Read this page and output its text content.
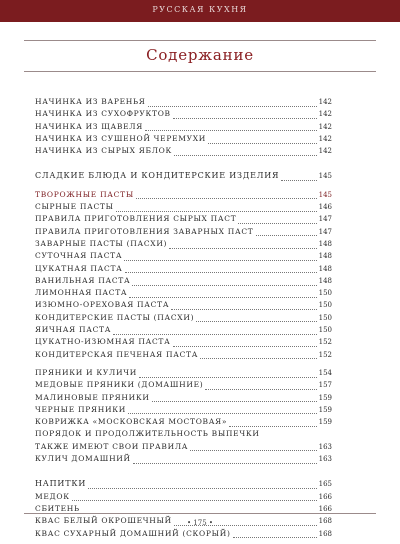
РУССКАЯ КУХНЯ
Содержание
НАЧИНКА ИЗ ВАРЕНЬЯ	142
НАЧИНКА ИЗ СУХОФРУКТОВ	142
НАЧИНКА ИЗ ЩАВЕЛЯ	142
НАЧИНКА ИЗ СУШЕНОЙ ЧЕРЕМУХИ	142
НАЧИНКА ИЗ СЫРЫХ ЯБЛОК	142
СЛАДКИЕ БЛЮДА И КОНДИТЕРСКИЕ ИЗДЕЛИЯ	145
ТВОРОЖНЫЕ ПАСТЫ	145
СЫРНЫЕ ПАСТЫ	146
ПРАВИЛА ПРИГОТОВЛЕНИЯ СЫРЫХ ПАСТ	147
ПРАВИЛА ПРИГОТОВЛЕНИЯ ЗАВАРНЫХ ПАСТ	147
ЗАВАРНЫЕ ПАСТЫ (ПАСХИ)	148
СУТОЧНАЯ ПАСТА	148
ЦУКАТНАЯ ПАСТА	148
ВАНИЛЬНАЯ ПАСТА	148
ЛИМОННАЯ ПАСТА	150
ИЗЮМНО-ОРЕХОВАЯ ПАСТА	150
КОНДИТЕРСКИЕ ПАСТЫ (ПАСХИ)	150
ЯИЧНАЯ ПАСТА	150
ЦУКАТНО-ИЗЮМНАЯ ПАСТА	152
КОНДИТЕРСКАЯ ПЕЧЕНАЯ ПАСТА	152
ПРЯНИКИ И КУЛИЧИ	154
МЕДОВЫЕ ПРЯНИКИ (ДОМАШНИЕ)	157
МАЛИНОВЫЕ ПРЯНИКИ	159
ЧЕРНЫЕ ПРЯНИКИ	159
КОВРИЖКА «МОСКОВСКАЯ МОСТОВАЯ»	159
ПОРЯДОК И ПРОДОЛЖИТЕЛЬНОСТЬ ВЫПЕЧКИ
ТАКЖЕ ИМЕЮТ СВОИ ПРАВИЛА	163
КУЛИЧ ДОМАШНИЙ	163
НАПИТКИ	165
МЕДОК	166
СБИТЕНЬ	166
КВАС БЕЛЫЙ ОКРОШЕЧНЫЙ	168
КВАС СУХАРНЫЙ ДОМАШНИЙ (СКОРЫЙ)	168
• 175 •
